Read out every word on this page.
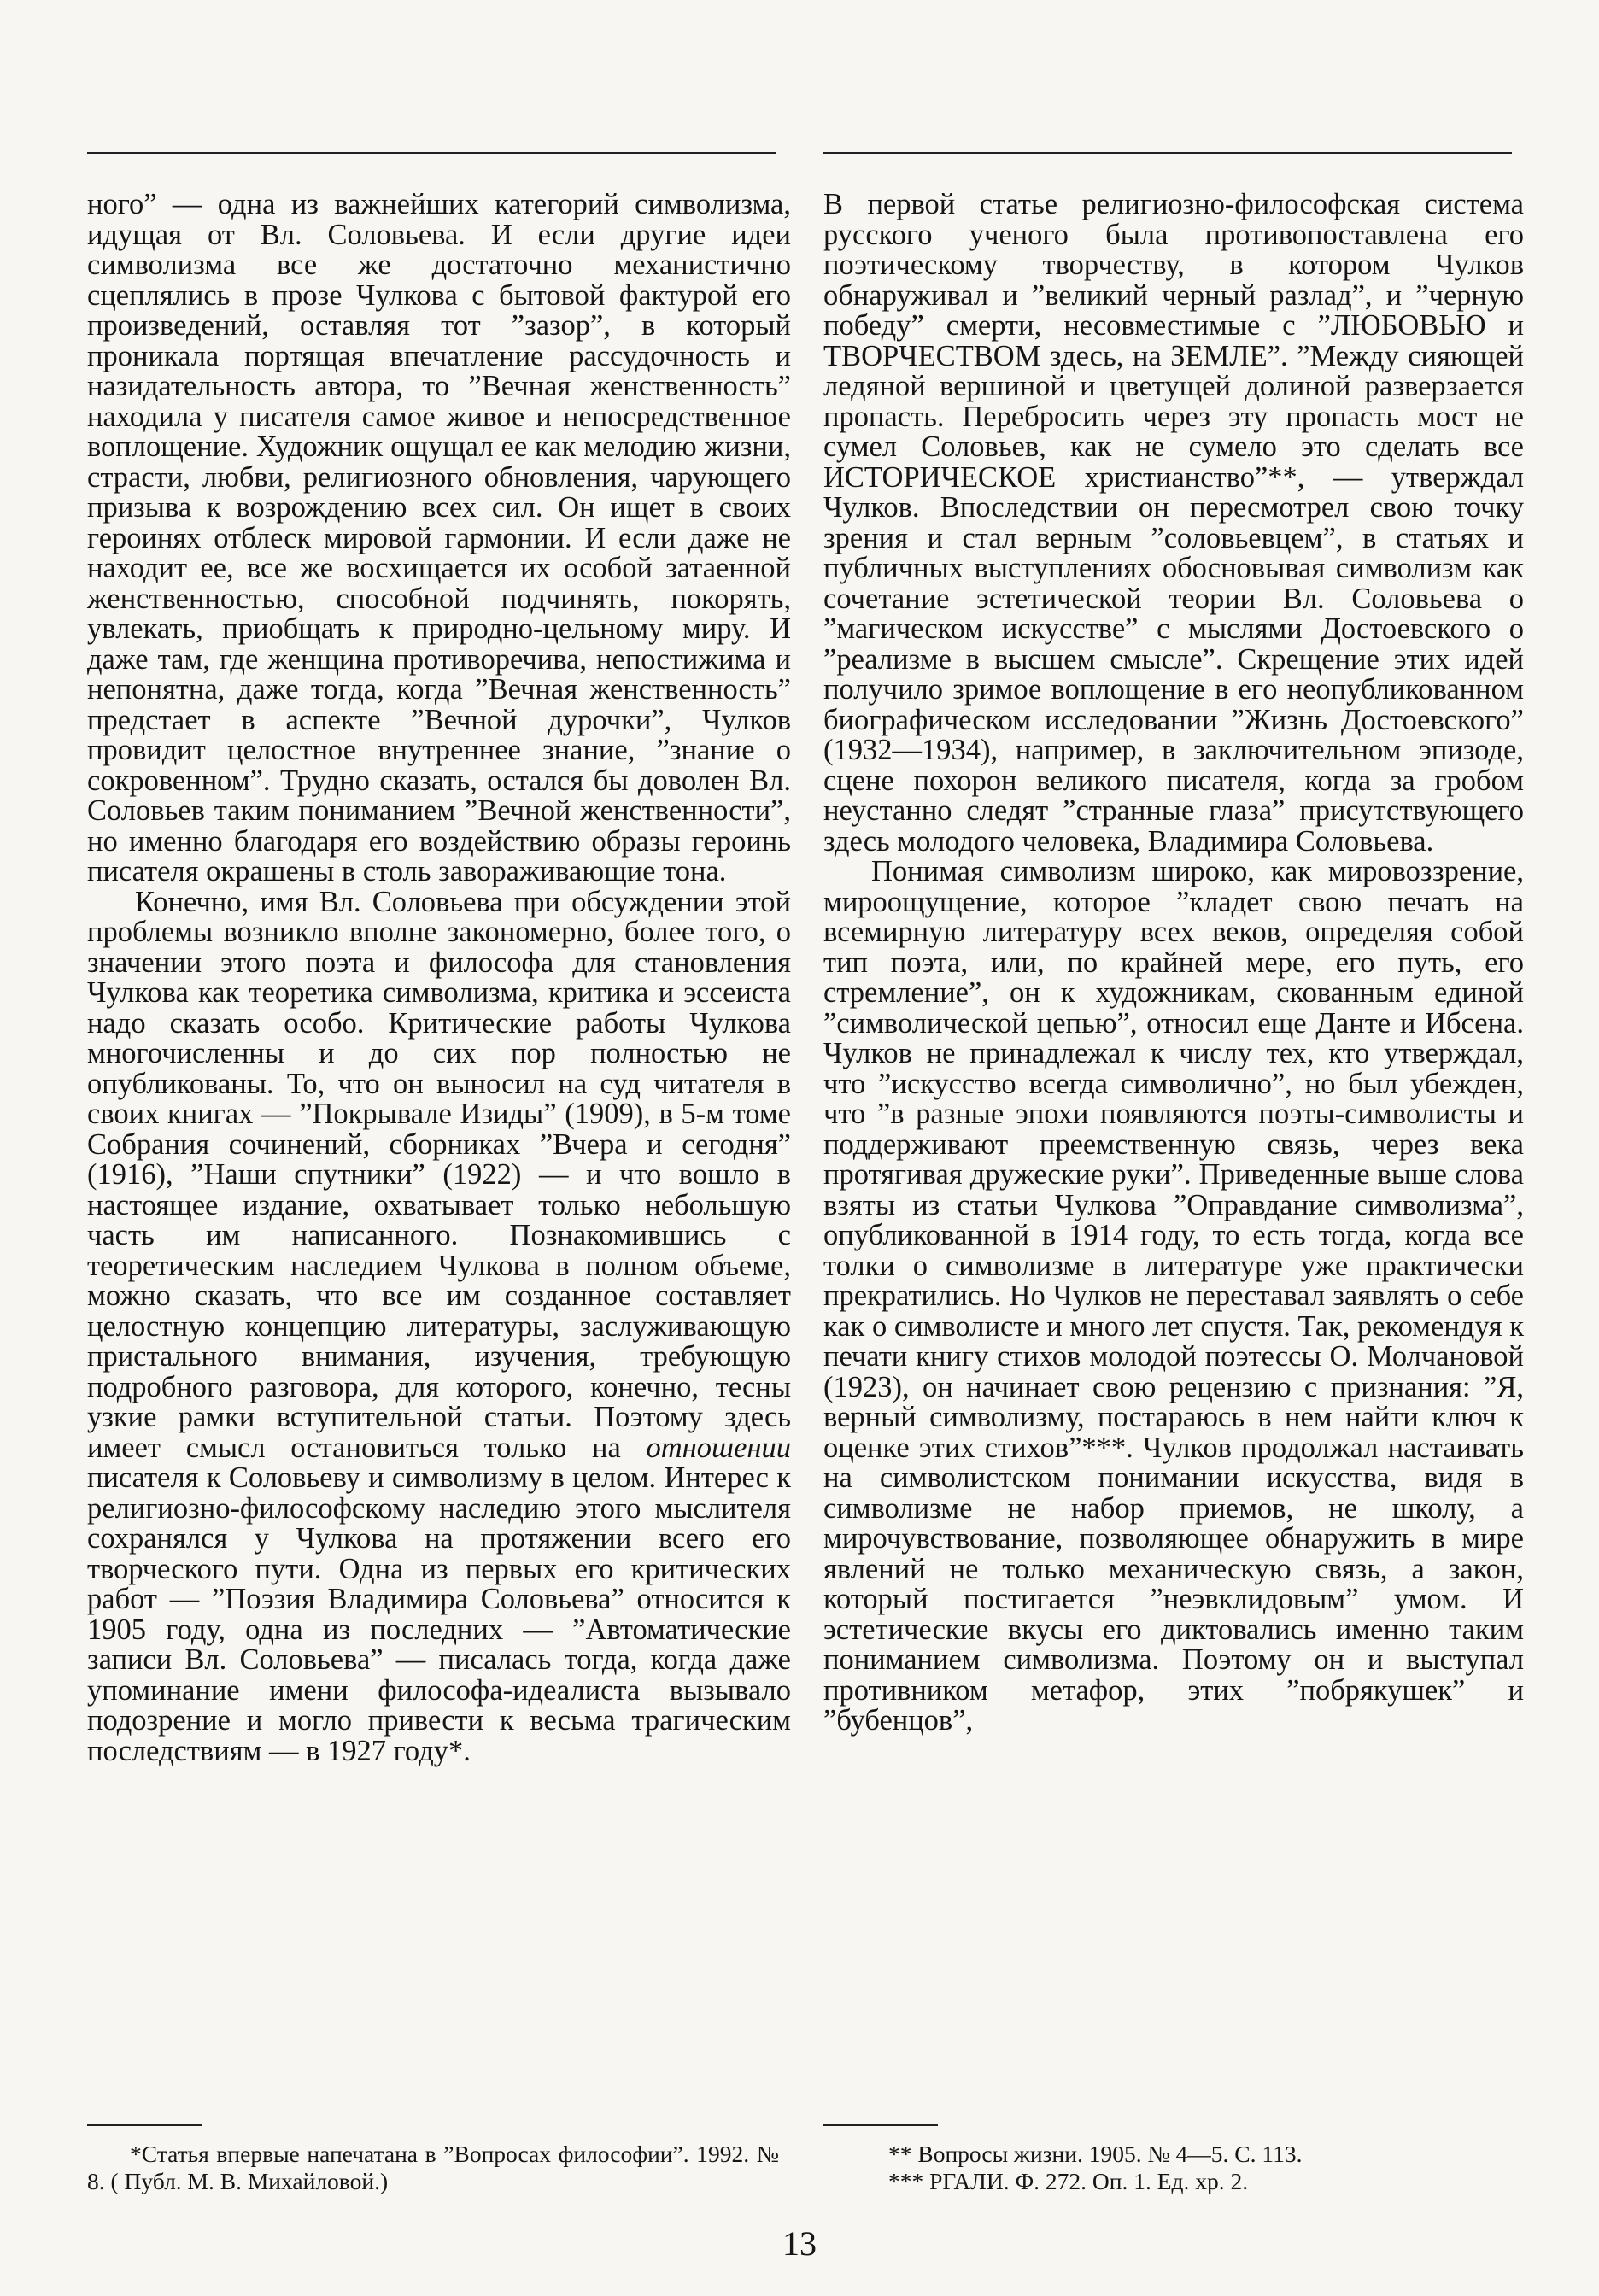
ного” — одна из важнейших категорий символизма, идущая от Вл. Соловьева. И если другие идеи символизма все же достаточно механистично сцеплялись в прозе Чулкова с бытовой фактурой его произведений, оставляя тот ”зазор”, в который проникала портящая впечатление рассудочность и назидательность автора, то ”Вечная женственность” находила у писателя самое живое и непосредственное воплощение. Художник ощущал ее как мелодию жизни, страсти, любви, религиозного обновления, чарующего призыва к возрождению всех сил. Он ищет в своих героинях отблеск мировой гармонии. И если даже не находит ее, все же восхищается их особой затаенной женственностью, способной подчинять, покорять, увлекать, приобщать к природно-цельному миру. И даже там, где женщина противоречива, непостижима и непонятна, даже тогда, когда ”Вечная женственность” предстает в аспекте ”Вечной дурочки”, Чулков провидит целостное внутреннее знание, ”знание о сокровенном”. Трудно сказать, остался бы доволен Вл. Соловьев таким пониманием ”Вечной женственности”, но именно благодаря его воздействию образы героинь писателя окрашены в столь завораживающие тона.

Конечно, имя Вл. Соловьева при обсуждении этой проблемы возникло вполне закономерно, более того, о значении этого поэта и философа для становления Чулкова как теоретика символизма, критика и эссеиста надо сказать особо. Критические работы Чулкова многочисленны и до сих пор полностью не опубликованы. То, что он выносил на суд читателя в своих книгах — ”Покрывале Изиды” (1909), в 5-м томе Собрания сочинений, сборниках ”Вчера и сегодня” (1916), ”Наши спутники” (1922) — и что вошло в настоящее издание, охватывает только небольшую часть им написанного. Познакомившись с теоретическим наследием Чулкова в полном объеме, можно сказать, что все им созданное составляет целостную концепцию литературы, заслуживающую пристального внимания, изучения, требующую подробного разговора, для которого, конечно, тесны узкие рамки вступительной статьи. Поэтому здесь имеет смысл остановиться только на отношении писателя к Соловьеву и символизму в целом. Интерес к религиозно-философскому наследию этого мыслителя сохранялся у Чулкова на протяжении всего его творческого пути. Одна из первых его критических работ — ”Поэзия Владимира Соловьева” относится к 1905 году, одна из последних — ”Автоматические записи Вл. Соловьева” — писалась тогда, когда даже упоминание имени философа-идеалиста вызывало подозрение и могло привести к весьма трагическим последствиям — в 1927 году*.

В первой статье религиозно-философская система русского ученого была противопоставлена его поэтическому творчеству, в котором Чулков обнаруживал и ”великий черный разлад”, и ”черную победу” смерти, несовместимые с ”ЛЮБОВЬЮ и ТВОРЧЕСТВОМ здесь, на ЗЕМЛЕ”. ”Между сияющей ледяной вершиной и цветущей долиной разверзается пропасть. Перебросить через эту пропасть мост не сумел Соловьев, как не сумело это сделать все ИСТОРИЧЕСКОЕ христианство”**, — утверждал Чулков. Впоследствии он пересмотрел свою точку зрения и стал верным ”соловьевцем”, в статьях и публичных выступлениях обосновывая символизм как сочетание эстетической теории Вл. Соловьева о ”магическом искусстве” с мыслями Достоевского о ”реализме в высшем смысле”. Скрещение этих идей получило зримое воплощение в его неопубликованном биографическом исследовании ”Жизнь Достоевского” (1932—1934), например, в заключительном эпизоде, сцене похорон великого писателя, когда за гробом неустанно следят ”странные глаза” присутствующего здесь молодого человека, Владимира Соловьева.

Понимая символизм широко, как мировоззрение, мироощущение, которое ”кладет свою печать на всемирную литературу всех веков, определяя собой тип поэта, или, по крайней мере, его путь, его стремление”, он к художникам, скованным единой ”символической цепью”, относил еще Данте и Ибсена. Чулков не принадлежал к числу тех, кто утверждал, что ”искусство всегда символично”, но был убежден, что ”в разные эпохи появляются поэты-символисты и поддерживают преемственную связь, через века протягивая дружеские руки”. Приведенные выше слова взяты из статьи Чулкова ”Оправдание символизма”, опубликованной в 1914 году, то есть тогда, когда все толки о символизме в литературе уже практически прекратились. Но Чулков не переставал заявлять о себе как о символисте и много лет спустя. Так, рекомендуя к печати книгу стихов молодой поэтессы О. Молчановой (1923), он начинает свою рецензию с признания: ”Я, верный символизму, постараюсь в нем найти ключ к оценке этих стихов”***. Чулков продолжал настаивать на символистском понимании искусства, видя в символизме не набор приемов, не школу, а мирочувствование, позволяющее обнаружить в мире явлений не только механическую связь, а закон, который постигается ”неэвклидовым” умом. И эстетические вкусы его диктовались именно таким пониманием символизма. Поэтому он и выступал противником метафор, этих ”побрякушек” и ”бубенцов”,

*Статья впервые напечатана в ”Вопросах философии”. 1992. № 8. ( Публ. М. В. Михайловой.)

** Вопросы жизни. 1905. № 4—5. С. 113.

*** РГАЛИ. Ф. 272. Оп. 1. Ед. хр. 2.

13
